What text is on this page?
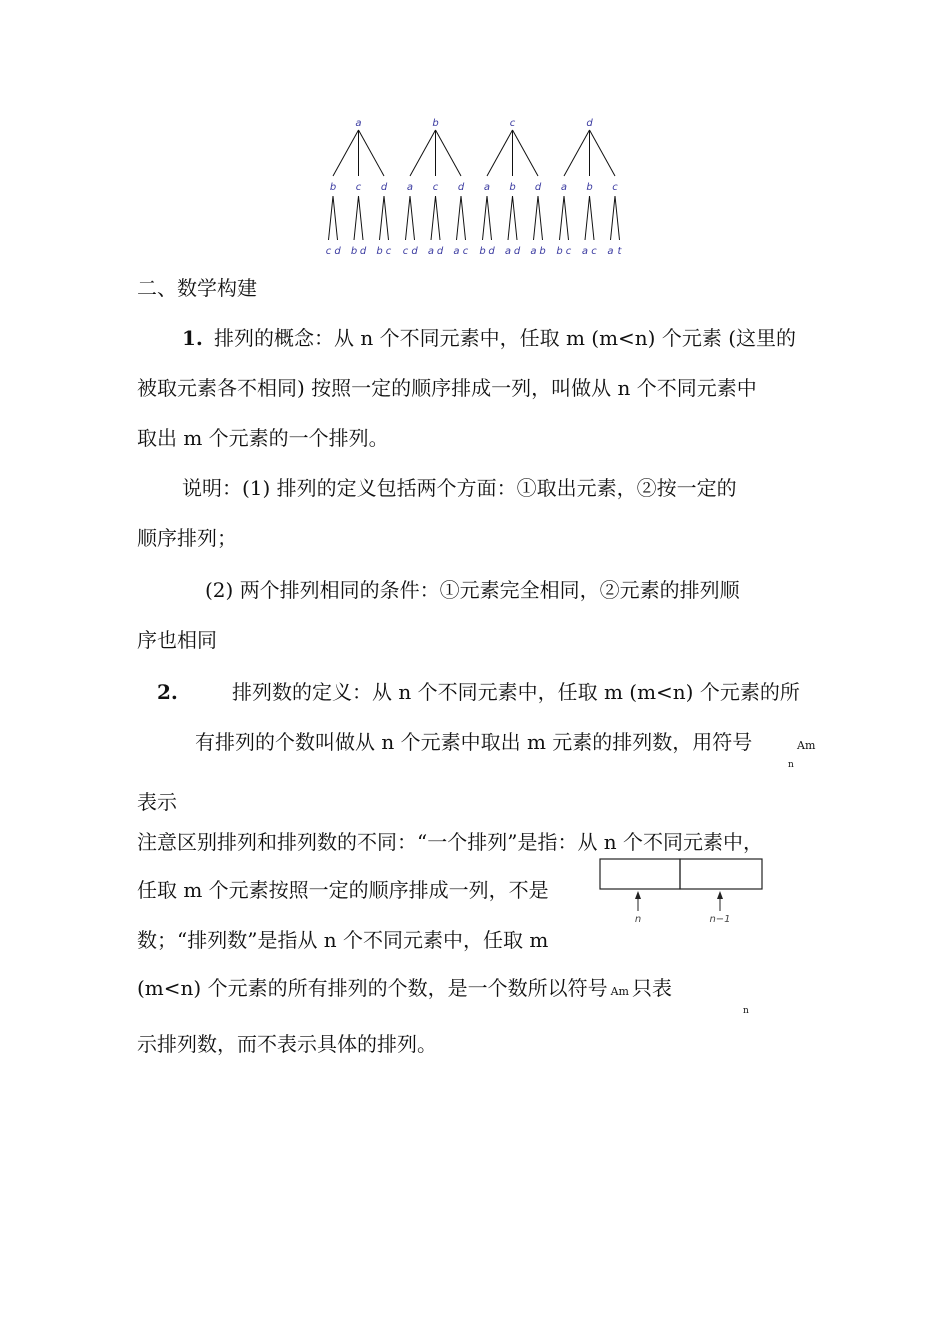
a
b
c d
c
b d
d
b c
b
a
c d
c
a d
d
a c
c
a
b d
b
a d
d
a b
d
a
b c
b
a c
c
a t
二、数学构建
1. 排列的概念：从 n 个不同元素中，任取 m (m<n) 个元素 (这里的
被取元素各不相同) 按照一定的顺序排成一列，叫做从 n 个不同元素中
取出 m 个元素的一个排列。
说明：(1) 排列的定义包括两个方面：①取出元素，②按一定的
顺序排列；
(2) 两个排列相同的条件：①元素完全相同，②元素的排列顺
序也相同
2.	排列数的定义：从 n 个不同元素中，任取 m (m<n) 个元素的所
有排列的个数叫做从 n 个元素中取出 m 元素的排列数，用符号	Am
n
表示
注意区别排列和排列数的不同：“一个排列”是指：从 n 个不同元素中，
任取 m 个元素按照一定的顺序排成一列，不是
数；“排列数”是指从 n 个不同元素中，任取 m
(m<n) 个元素的所有排列的个数，是一个数所以符号 Am 只表
n
示排列数，而不表示具体的排列。
n	n−1
